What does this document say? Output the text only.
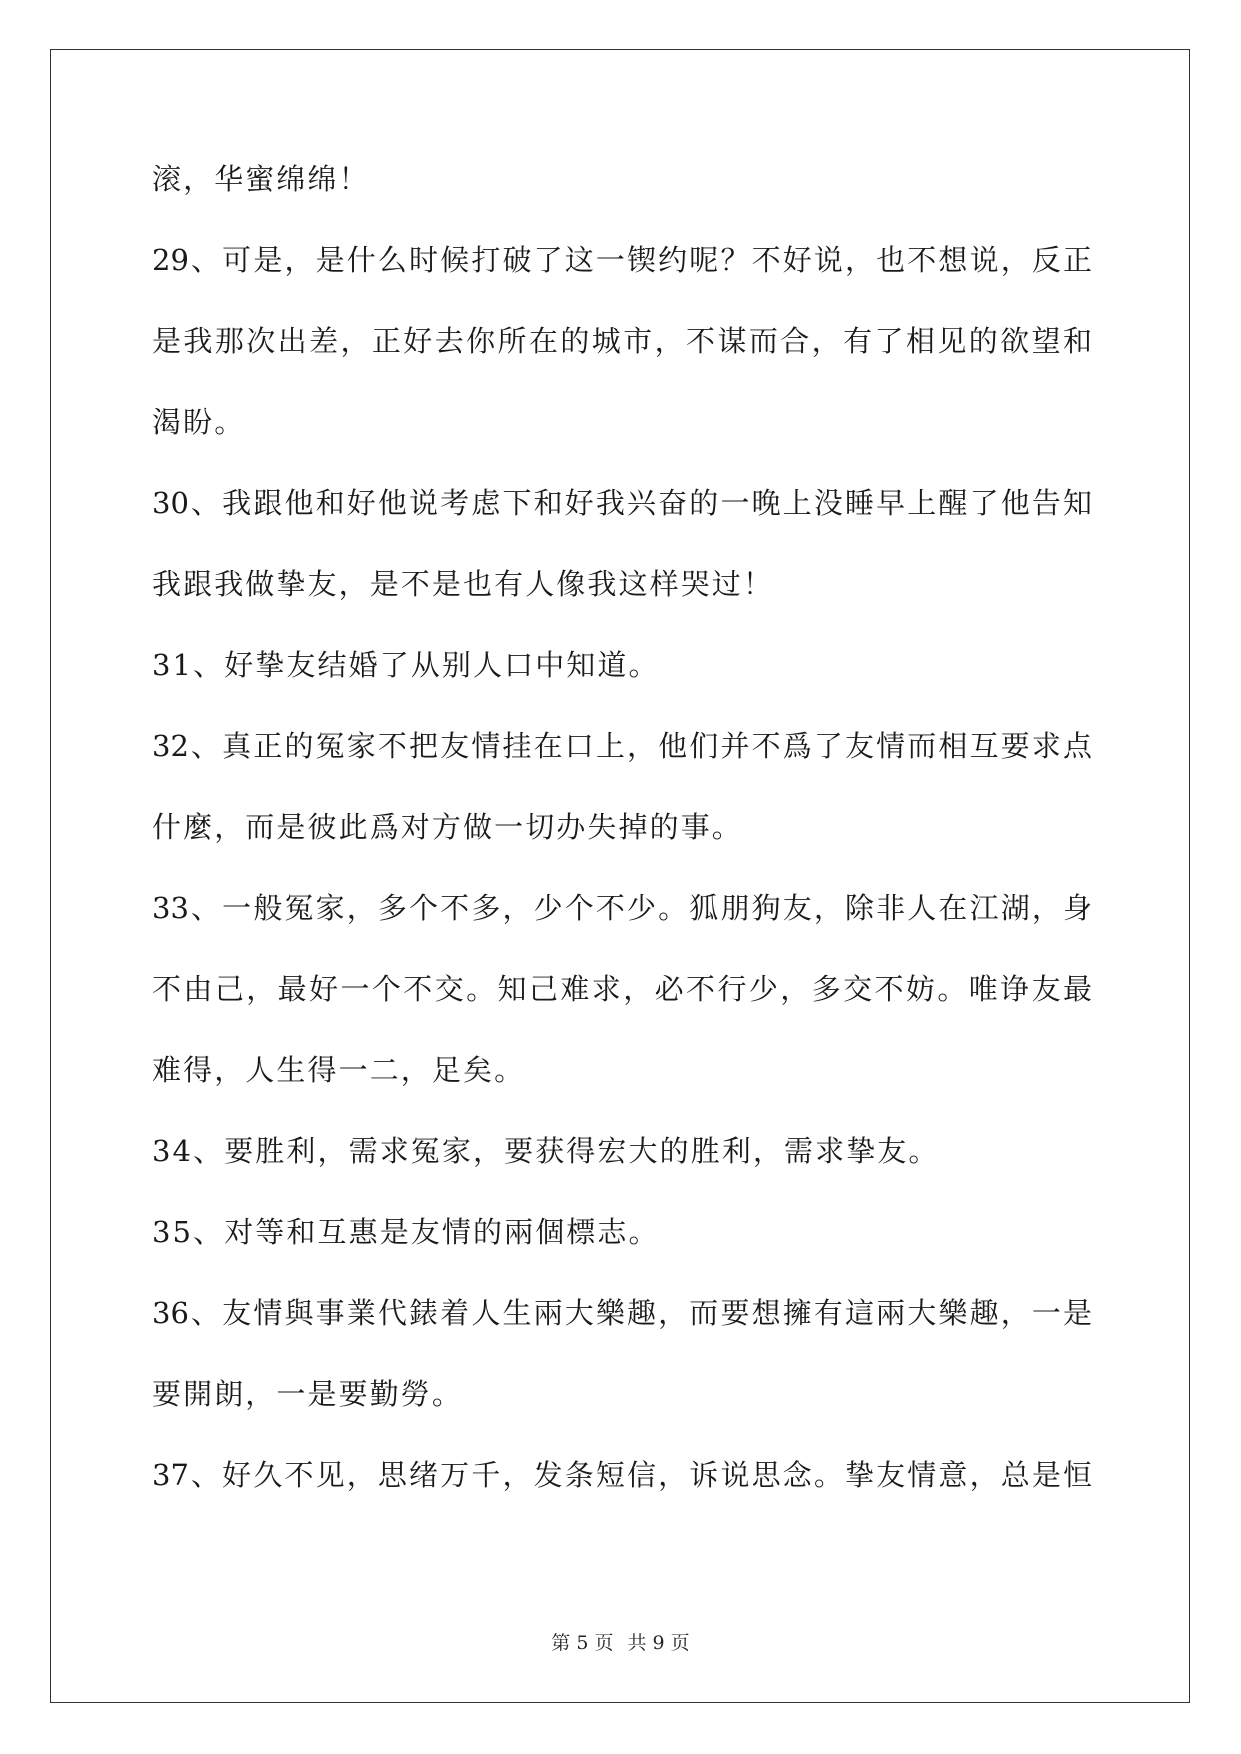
滚，华蜜绵绵！
29、可是，是什么时候打破了这一锲约呢？不好说，也不想说，反正
是我那次出差，正好去你所在的城市，不谋而合，有了相见的欲望和
渴盼。
30、我跟他和好他说考虑下和好我兴奋的一晚上没睡早上醒了他告知
我跟我做挚友，是不是也有人像我这样哭过！
31、好挚友结婚了从别人口中知道。
32、真正的冤家不把友情挂在口上，他们并不爲了友情而相互要求点
什麼，而是彼此爲对方做一切办失掉的事。
33、一般冤家，多个不多，少个不少。狐朋狗友，除非人在江湖，身
不由己，最好一个不交。知己难求，必不行少，多交不妨。唯诤友最
难得，人生得一二，足矣。
34、要胜利，需求冤家，要获得宏大的胜利，需求挚友。
35、对等和互惠是友情的兩個標志。
36、友情與事業代錶着人生兩大樂趣，而要想擁有這兩大樂趣，一是
要開朗，一是要勤勞。
37、好久不见，思绪万千，发条短信，诉说思念。挚友情意，总是恒
第 5 页 共 9 页
